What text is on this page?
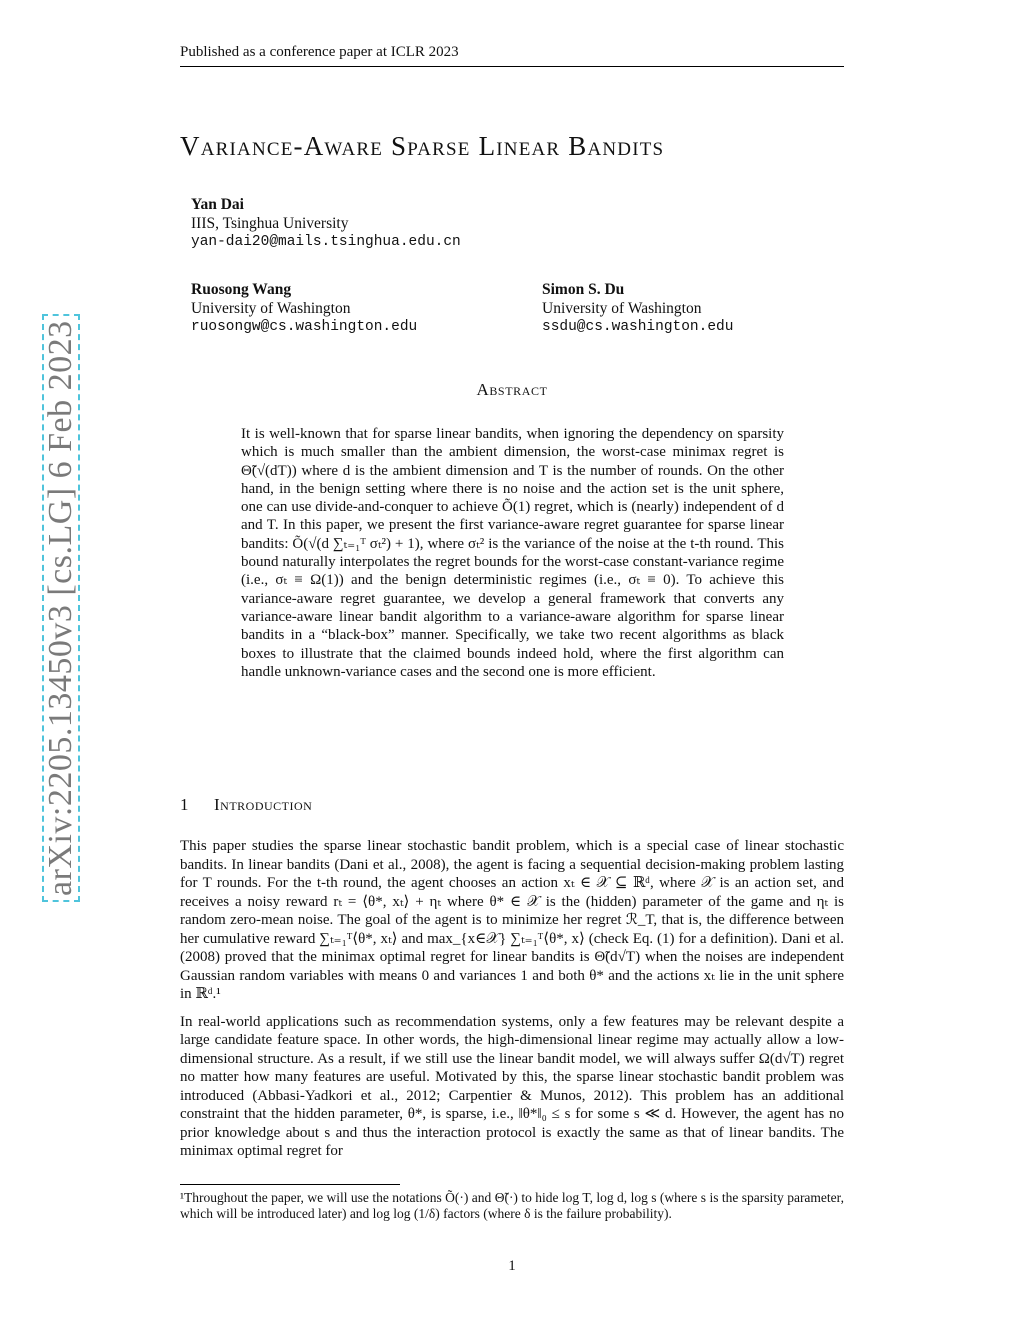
Published as a conference paper at ICLR 2023
arXiv:2205.13450v3 [cs.LG] 6 Feb 2023
Variance-Aware Sparse Linear Bandits
Yan Dai
IIIS, Tsinghua University
yan-dai20@mails.tsinghua.edu.cn
Ruosong Wang
University of Washington
ruosongw@cs.washington.edu
Simon S. Du
University of Washington
ssdu@cs.washington.edu
Abstract

It is well-known that for sparse linear bandits, when ignoring the dependency on sparsity which is much smaller than the ambient dimension, the worst-case minimax regret is Θ̃(√(dT)) where d is the ambient dimension and T is the number of rounds. On the other hand, in the benign setting where there is no noise and the action set is the unit sphere, one can use divide-and-conquer to achieve Õ(1) regret, which is (nearly) independent of d and T. In this paper, we present the first variance-aware regret guarantee for sparse linear bandits: Õ(√(d ∑ₜ₌₁ᵀ σₜ²) + 1), where σₜ² is the variance of the noise at the t-th round. This bound naturally interpolates the regret bounds for the worst-case constant-variance regime (i.e., σₜ ≡ Ω(1)) and the benign deterministic regimes (i.e., σₜ ≡ 0). To achieve this variance-aware regret guarantee, we develop a general framework that converts any variance-aware linear bandit algorithm to a variance-aware algorithm for sparse linear bandits in a “black-box” manner. Specifically, we take two recent algorithms as black boxes to illustrate that the claimed bounds indeed hold, where the first algorithm can handle unknown-variance cases and the second one is more efficient.

1 Introduction

This paper studies the sparse linear stochastic bandit problem, which is a special case of linear stochastic bandits. In linear bandits (Dani et al., 2008), the agent is facing a sequential decision-making problem lasting for T rounds. For the t-th round, the agent chooses an action xₜ ∈ 𝒳 ⊆ ℝᵈ, where 𝒳 is an action set, and receives a noisy reward rₜ = ⟨θ*, xₜ⟩ + ηₜ where θ* ∈ 𝒳 is the (hidden) parameter of the game and ηₜ is random zero-mean noise. The goal of the agent is to minimize her regret ℛ_T, that is, the difference between her cumulative reward ∑ₜ₌₁ᵀ⟨θ*, xₜ⟩ and max_{x∈𝒳} ∑ₜ₌₁ᵀ⟨θ*, x⟩ (check Eq. (1) for a definition). Dani et al. (2008) proved that the minimax optimal regret for linear bandits is Θ̃(d√T) when the noises are independent Gaussian random variables with means 0 and variances 1 and both θ* and the actions xₜ lie in the unit sphere in ℝᵈ.¹

In real-world applications such as recommendation systems, only a few features may be relevant despite a large candidate feature space. In other words, the high-dimensional linear regime may actually allow a low-dimensional structure. As a result, if we still use the linear bandit model, we will always suffer Ω(d√T) regret no matter how many features are useful. Motivated by this, the sparse linear stochastic bandit problem was introduced (Abbasi-Yadkori et al., 2012; Carpentier & Munos, 2012). This problem has an additional constraint that the hidden parameter, θ*, is sparse, i.e., ‖θ*‖₀ ≤ s for some s ≪ d. However, the agent has no prior knowledge about s and thus the interaction protocol is exactly the same as that of linear bandits. The minimax optimal regret for

¹Throughout the paper, we will use the notations Õ(·) and Θ̃(·) to hide log T, log d, log s (where s is the sparsity parameter, which will be introduced later) and log log (1/δ) factors (where δ is the failure probability).
1
